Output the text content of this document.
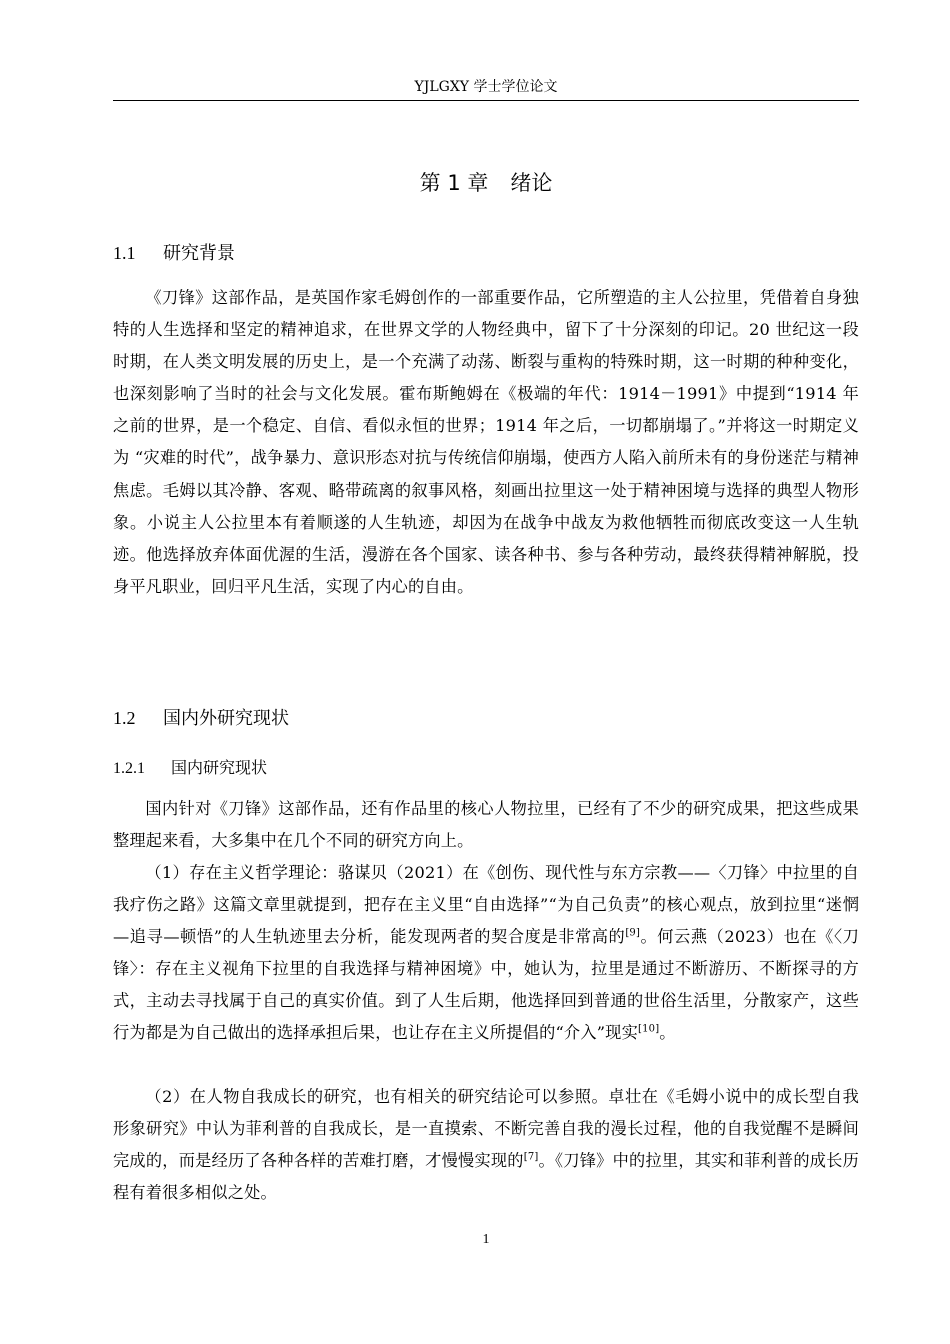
YJLGXY 学士学位论文
第 1 章 绪论
1.1 研究背景

《刀锋》这部作品，是英国作家毛姆创作的一部重要作品，它所塑造的主人公拉里，凭借着自身独特的人生选择和坚定的精神追求，在世界文学的人物经典中，留下了十分深刻的印记。20 世纪这一段时期，在人类文明发展的历史上，是一个充满了动荡、断裂与重构的特殊时期，这一时期的种种变化，也深刻影响了当时的社会与文化发展。霍布斯鲍姆在《极端的年代：1914－1991》中提到“1914 年之前的世界，是一个稳定、自信、看似永恒的世界；1914 年之后，一切都崩塌了。”并将这一时期定义为 “灾难的时代”，战争暴力、意识形态对抗与传统信仰崩塌，使西方人陷入前所未有的身份迷茫与精神焦虑。毛姆以其冷静、客观、略带疏离的叙事风格，刻画出拉里这一处于精神困境与选择的典型人物形象。小说主人公拉里本有着顺遂的人生轨迹，却因为在战争中战友为救他牺牲而彻底改变这一人生轨迹。他选择放弃体面优渥的生活，漫游在各个国家、读各种书、参与各种劳动，最终获得精神解脱，投身平凡职业，回归平凡生活，实现了内心的自由。

1.2 国内外研究现状
1.2.1 国内研究现状

国内针对《刀锋》这部作品，还有作品里的核心人物拉里，已经有了不少的研究成果，把这些成果整理起来看，大多集中在几个不同的研究方向上。

（1）存在主义哲学理论：骆谋贝（2021）在《创伤、现代性与东方宗教——〈刀锋〉中拉里的自我疗伤之路》这篇文章里就提到，把存在主义里“自由选择”“为自己负责”的核心观点，放到拉里“迷惘—追寻—顿悟”的人生轨迹里去分析，能发现两者的契合度是非常高的[9]。何云燕（2023）也在《〈刀锋〉：存在主义视角下拉里的自我选择与精神困境》中，她认为，拉里是通过不断游历、不断探寻的方式，主动去寻找属于自己的真实价值。到了人生后期，他选择回到普通的世俗生活里，分散家产，这些行为都是为自己做出的选择承担后果，也让存在主义所提倡的“介入”现实[10]。

（2）在人物自我成长的研究，也有相关的研究结论可以参照。卓壮在《毛姆小说中的成长型自我形象研究》中认为菲利普的自我成长，是一直摸索、不断完善自我的漫长过程，他的自我觉醒不是瞬间完成的，而是经历了各种各样的苦难打磨，才慢慢实现的[7]。《刀锋》中的拉里，其实和菲利普的成长历程有着很多相似之处。

1
